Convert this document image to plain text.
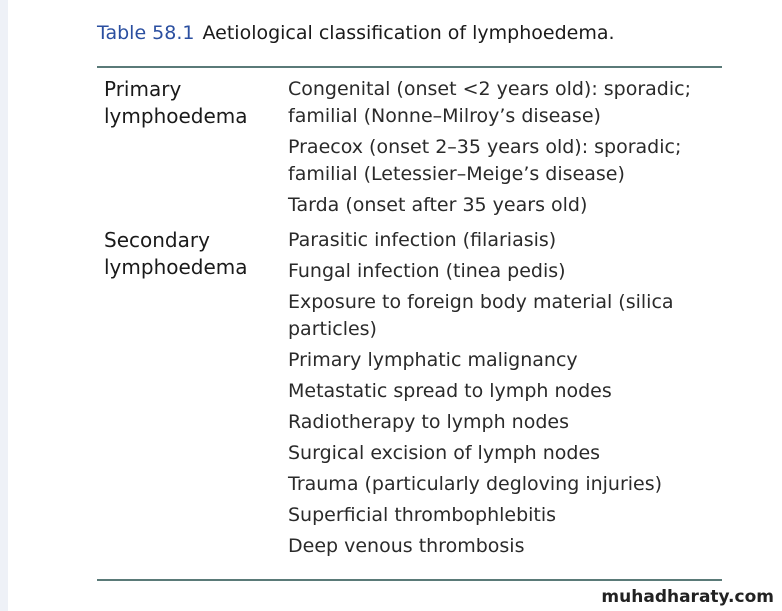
Table 58.1 Aetiological classification of lymphoedema.
Primary
lymphoedema
Congenital (onset <2 years old): sporadic; familial (Nonne–Milroy’s disease)
Praecox (onset 2–35 years old): sporadic; familial (Letessier–Meige’s disease)
Tarda (onset after 35 years old)
Secondary
lymphoedema
Parasitic infection (filariasis)
Fungal infection (tinea pedis)
Exposure to foreign body material (silica particles)
Primary lymphatic malignancy
Metastatic spread to lymph nodes
Radiotherapy to lymph nodes
Surgical excision of lymph nodes
Trauma (particularly degloving injuries)
Superficial thrombophlebitis
Deep venous thrombosis
muhadharaty.com
